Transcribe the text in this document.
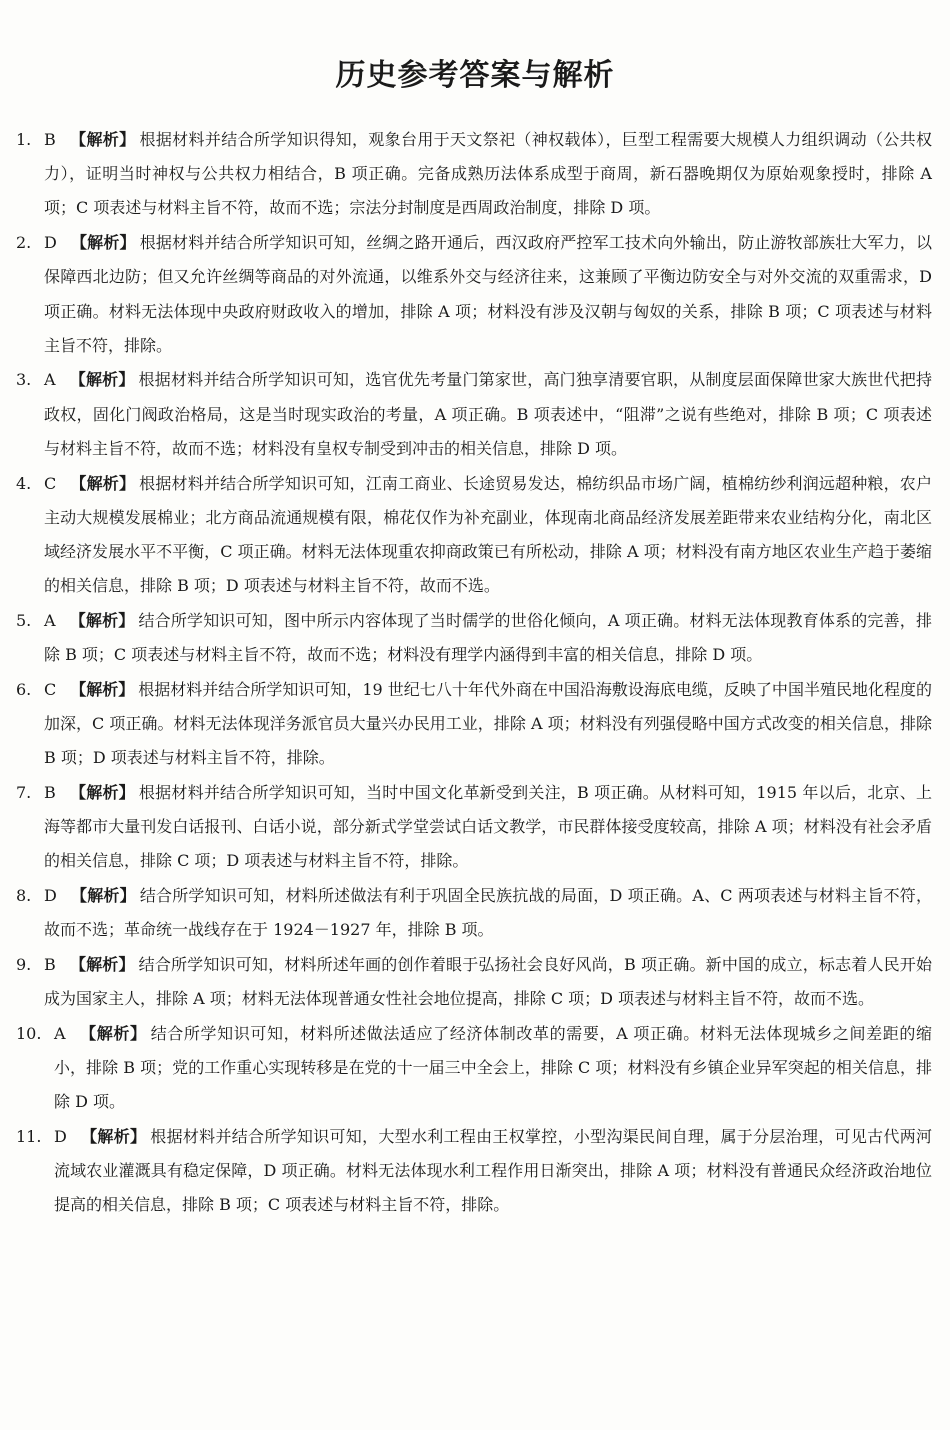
历史参考答案与解析
1. B 【解析】 根据材料并结合所学知识得知，观象台用于天文祭祀（神权载体），巨型工程需要大规模人力组织调动（公共权力），证明当时神权与公共权力相结合，B 项正确。完备成熟历法体系成型于商周，新石器晚期仅为原始观象授时，排除 A 项；C 项表述与材料主旨不符，故而不选；宗法分封制度是西周政治制度，排除 D 项。
2. D 【解析】 根据材料并结合所学知识可知，丝绸之路开通后，西汉政府严控军工技术向外输出，防止游牧部族壮大军力，以保障西北边防；但又允许丝绸等商品的对外流通，以维系外交与经济往来，这兼顾了平衡边防安全与对外交流的双重需求，D 项正确。材料无法体现中央政府财政收入的增加，排除 A 项；材料没有涉及汉朝与匈奴的关系，排除 B 项；C 项表述与材料主旨不符，排除。
3. A 【解析】 根据材料并结合所学知识可知，选官优先考量门第家世，高门独享清要官职，从制度层面保障世家大族世代把持政权，固化门阀政治格局，这是当时现实政治的考量，A 项正确。B 项表述中，“阻滞”之说有些绝对，排除 B 项；C 项表述与材料主旨不符，故而不选；材料没有皇权专制受到冲击的相关信息，排除 D 项。
4. C 【解析】 根据材料并结合所学知识可知，江南工商业、长途贸易发达，棉纺织品市场广阔，植棉纺纱利润远超种粮，农户主动大规模发展棉业；北方商品流通规模有限，棉花仅作为补充副业，体现南北商品经济发展差距带来农业结构分化，南北区域经济发展水平不平衡，C 项正确。材料无法体现重农抑商政策已有所松动，排除 A 项；材料没有南方地区农业生产趋于萎缩的相关信息，排除 B 项；D 项表述与材料主旨不符，故而不选。
5. A 【解析】 结合所学知识可知，图中所示内容体现了当时儒学的世俗化倾向，A 项正确。材料无法体现教育体系的完善，排除 B 项；C 项表述与材料主旨不符，故而不选；材料没有理学内涵得到丰富的相关信息，排除 D 项。
6. C 【解析】 根据材料并结合所学知识可知，19 世纪七八十年代外商在中国沿海敷设海底电缆，反映了中国半殖民地化程度的加深，C 项正确。材料无法体现洋务派官员大量兴办民用工业，排除 A 项；材料没有列强侵略中国方式改变的相关信息，排除 B 项；D 项表述与材料主旨不符，排除。
7. B 【解析】 根据材料并结合所学知识可知，当时中国文化革新受到关注，B 项正确。从材料可知，1915 年以后，北京、上海等都市大量刊发白话报刊、白话小说，部分新式学堂尝试白话文教学，市民群体接受度较高，排除 A 项；材料没有社会矛盾的相关信息，排除 C 项；D 项表述与材料主旨不符，排除。
8. D 【解析】 结合所学知识可知，材料所述做法有利于巩固全民族抗战的局面，D 项正确。A、C 两项表述与材料主旨不符，故而不选；革命统一战线存在于 1924－1927 年，排除 B 项。
9. B 【解析】 结合所学知识可知，材料所述年画的创作着眼于弘扬社会良好风尚，B 项正确。新中国的成立，标志着人民开始成为国家主人，排除 A 项；材料无法体现普通女性社会地位提高，排除 C 项；D 项表述与材料主旨不符，故而不选。
10. A 【解析】 结合所学知识可知，材料所述做法适应了经济体制改革的需要，A 项正确。材料无法体现城乡之间差距的缩小，排除 B 项；党的工作重心实现转移是在党的十一届三中全会上，排除 C 项；材料没有乡镇企业异军突起的相关信息，排除 D 项。
11. D 【解析】 根据材料并结合所学知识可知，大型水利工程由王权掌控，小型沟渠民间自理，属于分层治理，可见古代两河流域农业灌溉具有稳定保障，D 项正确。材料无法体现水利工程作用日渐突出，排除 A 项；材料没有普通民众经济政治地位提高的相关信息，排除 B 项；C 项表述与材料主旨不符，排除。
